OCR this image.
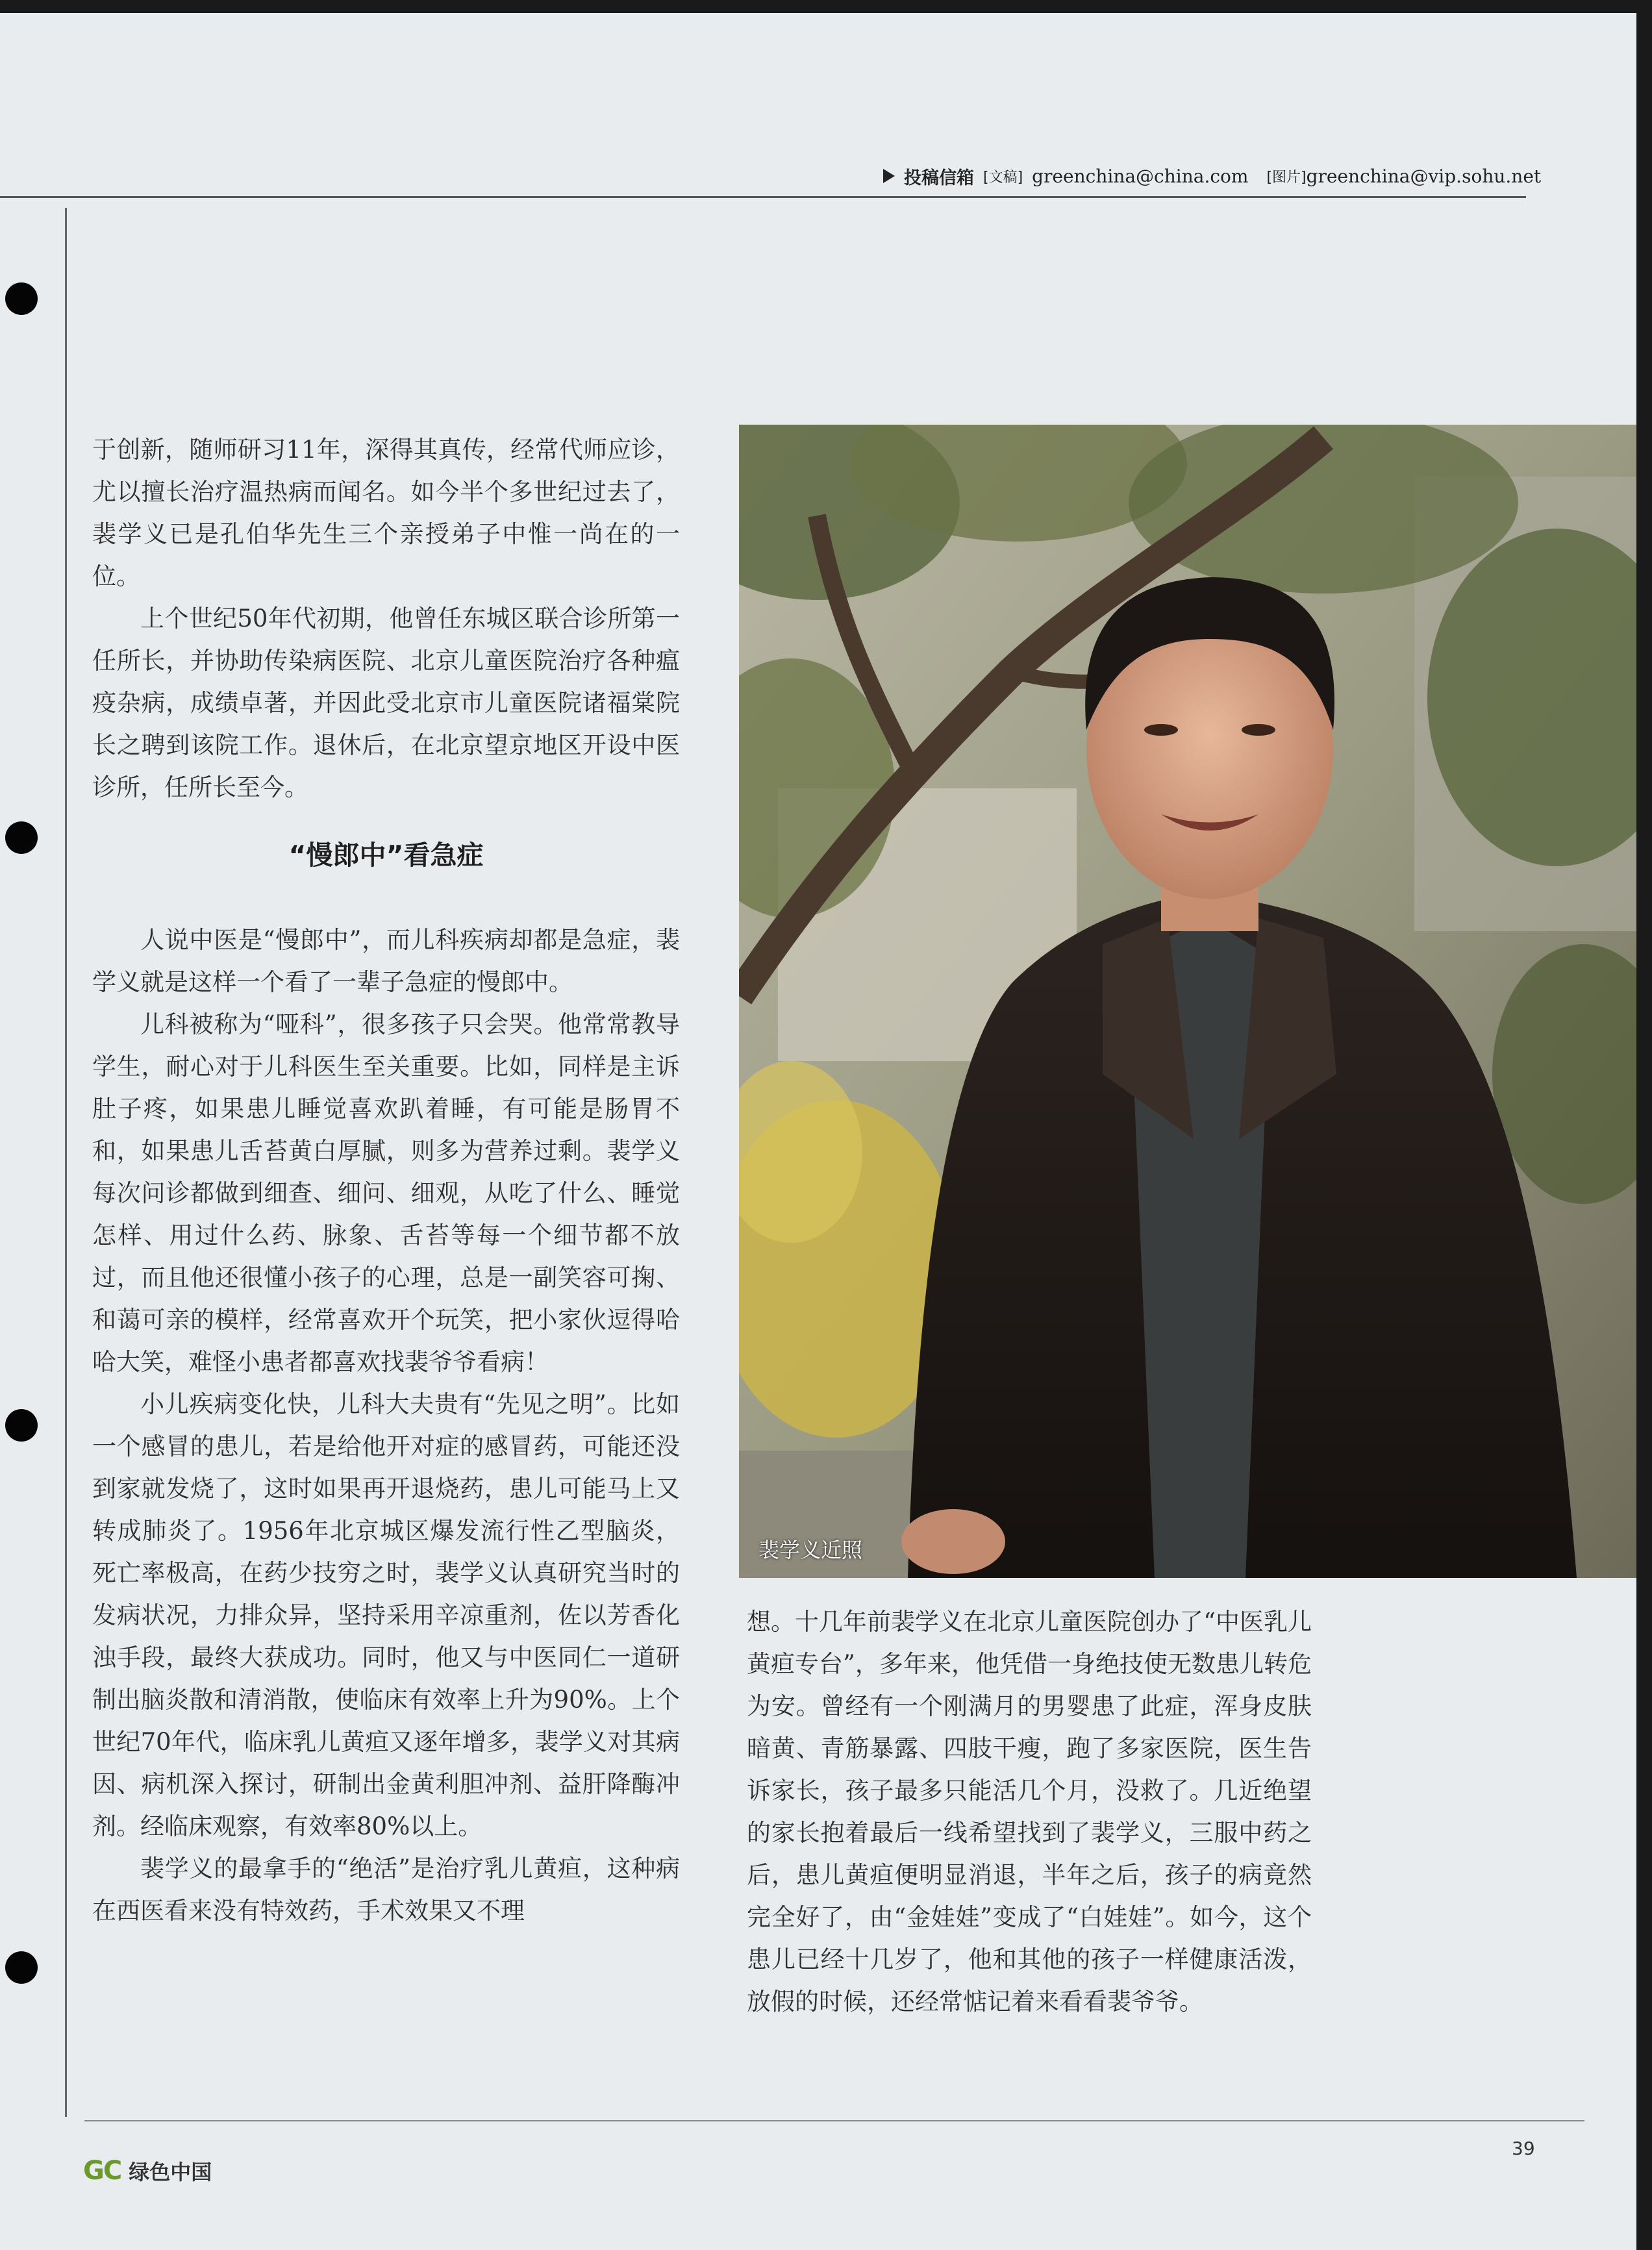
投稿信箱 [文稿] greenchina@china.com [图片] greenchina@vip.sohu.net

于创新，随师研习11年，深得其真传，经常代师应诊，尤以擅长治疗温热病而闻名。如今半个多世纪过去了，裴学义已是孔伯华先生三个亲授弟子中惟一尚在的一位。

上个世纪50年代初期，他曾任东城区联合诊所第一任所长，并协助传染病医院、北京儿童医院治疗各种瘟疫杂病，成绩卓著，并因此受北京市儿童医院诸福棠院长之聘到该院工作。退休后，在北京望京地区开设中医诊所，任所长至今。

“慢郎中”看急症

人说中医是“慢郎中”，而儿科疾病却都是急症，裴学义就是这样一个看了一辈子急症的慢郎中。

儿科被称为“哑科”，很多孩子只会哭。他常常教导学生，耐心对于儿科医生至关重要。比如，同样是主诉肚子疼，如果患儿睡觉喜欢趴着睡，有可能是肠胃不和，如果患儿舌苔黄白厚腻，则多为营养过剩。裴学义每次问诊都做到细查、细问、细观，从吃了什么、睡觉怎样、用过什么药、脉象、舌苔等每一个细节都不放过，而且他还很懂小孩子的心理，总是一副笑容可掬、和蔼可亲的模样，经常喜欢开个玩笑，把小家伙逗得哈哈大笑，难怪小患者都喜欢找裴爷爷看病！

小儿疾病变化快，儿科大夫贵有“先见之明”。比如一个感冒的患儿，若是给他开对症的感冒药，可能还没到家就发烧了，这时如果再开退烧药，患儿可能马上又转成肺炎了。1956年北京城区爆发流行性乙型脑炎，死亡率极高，在药少技穷之时，裴学义认真研究当时的发病状况，力排众异，坚持采用辛凉重剂，佐以芳香化浊手段，最终大获成功。同时，他又与中医同仁一道研制出脑炎散和清消散，使临床有效率上升为90%。上个世纪70年代，临床乳儿黄疸又逐年增多，裴学义对其病因、病机深入探讨，研制出金黄利胆冲剂、益肝降酶冲剂。经临床观察，有效率80%以上。

裴学义的最拿手的“绝活”是治疗乳儿黄疸，这种病在西医看来没有特效药，手术效果又不理

裴学义近照

想。十几年前裴学义在北京儿童医院创办了“中医乳儿黄疸专台”，多年来，他凭借一身绝技使无数患儿转危为安。曾经有一个刚满月的男婴患了此症，浑身皮肤暗黄、青筋暴露、四肢干瘦，跑了多家医院，医生告诉家长，孩子最多只能活几个月，没救了。几近绝望的家长抱着最后一线希望找到了裴学义，三服中药之后，患儿黄疸便明显消退，半年之后，孩子的病竟然完全好了，由“金娃娃”变成了“白娃娃”。如今，这个患儿已经十几岁了，他和其他的孩子一样健康活泼，放假的时候，还经常惦记着来看看裴爷爷。

GC 绿色中国
39
